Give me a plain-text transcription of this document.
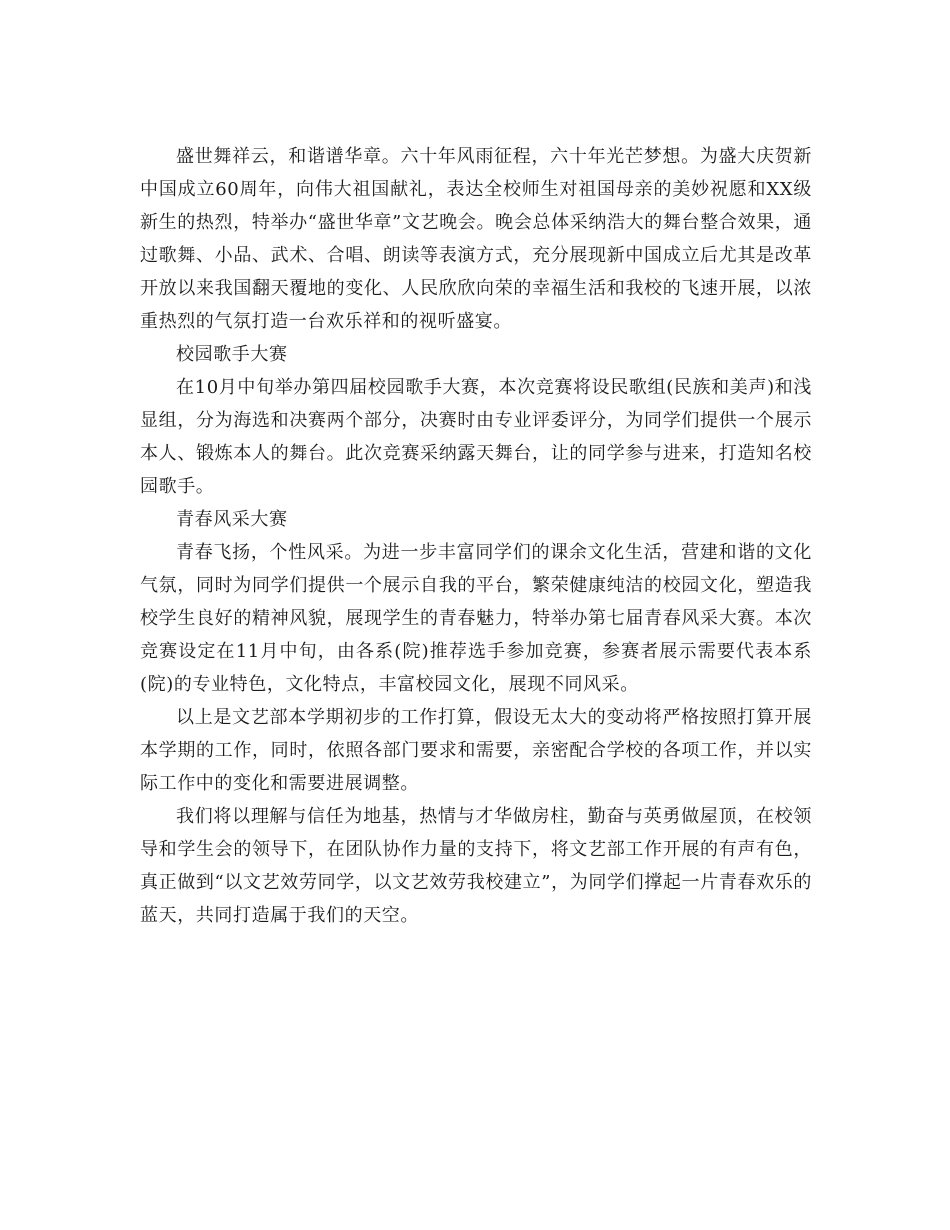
盛世舞祥云，和谐谱华章。六十年风雨征程，六十年光芒梦想。为盛大庆贺新中国成立60周年，向伟大祖国献礼，表达全校师生对祖国母亲的美妙祝愿和XX级新生的热烈，特举办“盛世华章”文艺晚会。晚会总体采纳浩大的舞台整合效果，通过歌舞、小品、武术、合唱、朗读等表演方式，充分展现新中国成立后尤其是改革开放以来我国翻天覆地的变化、人民欣欣向荣的幸福生活和我校的飞速开展，以浓重热烈的气氛打造一台欢乐祥和的视听盛宴。

校园歌手大赛

在10月中旬举办第四届校园歌手大赛，本次竞赛将设民歌组(民族和美声)和浅显组，分为海选和决赛两个部分，决赛时由专业评委评分，为同学们提供一个展示本人、锻炼本人的舞台。此次竞赛采纳露天舞台，让的同学参与进来，打造知名校园歌手。

青春风采大赛

青春飞扬，个性风采。为进一步丰富同学们的课余文化生活，营建和谐的文化气氛，同时为同学们提供一个展示自我的平台，繁荣健康纯洁的校园文化，塑造我校学生良好的精神风貌，展现学生的青春魅力，特举办第七届青春风采大赛。本次竞赛设定在11月中旬，由各系(院)推荐选手参加竞赛，参赛者展示需要代表本系(院)的专业特色，文化特点，丰富校园文化，展现不同风采。

以上是文艺部本学期初步的工作打算，假设无太大的变动将严格按照打算开展本学期的工作，同时，依照各部门要求和需要，亲密配合学校的各项工作，并以实际工作中的变化和需要进展调整。

我们将以理解与信任为地基，热情与才华做房柱，勤奋与英勇做屋顶，在校领导和学生会的领导下，在团队协作力量的支持下，将文艺部工作开展的有声有色，真正做到“以文艺效劳同学，以文艺效劳我校建立”，为同学们撑起一片青春欢乐的蓝天，共同打造属于我们的天空。
